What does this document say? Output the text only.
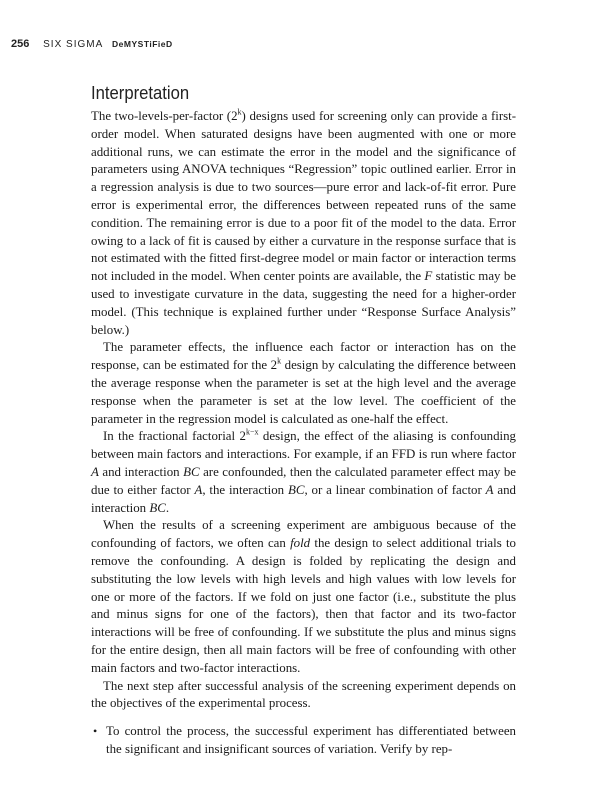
256 SIX SIGMA DeMYSTiFieD
Interpretation

The two-levels-per-factor (2$^k$) designs used for screening only can provide a first-order model. When saturated designs have been augmented with one or more additional runs, we can estimate the error in the model and the significance of parameters using ANOVA techniques “Regression” topic outlined earlier. Error in a regression analysis is due to two sources—pure error and lack-of-fit error. Pure error is experimental error, the differences between repeated runs of the same condition. The remaining error is due to a poor fit of the model to the data. Error owing to a lack of fit is caused by either a curvature in the response surface that is not estimated with the fitted first-degree model or main factor or interaction terms not included in the model. When center points are available, the F statistic may be used to investigate curvature in the data, suggesting the need for a higher-order model. (This technique is explained further under “Response Surface Analysis” below.)

The parameter effects, the influence each factor or interaction has on the response, can be estimated for the 2$^k$ design by calculating the difference between the average response when the parameter is set at the high level and the average response when the parameter is set at the low level. The coefficient of the parameter in the regression model is calculated as one-half the effect.

In the fractional factorial $2^{k-x}$ design, the effect of the aliasing is confounding between main factors and interactions. For example, if an FFD is run where factor A and interaction BC are confounded, then the calculated parameter effect may be due to either factor A, the interaction BC, or a linear combination of factor A and interaction BC.

When the results of a screening experiment are ambiguous because of the confounding of factors, we often can fold the design to select additional trials to remove the confounding. A design is folded by replicating the design and substituting the low levels with high levels and high values with low levels for one or more of the factors. If we fold on just one factor (i.e., substitute the plus and minus signs for one of the factors), then that factor and its two-factor interactions will be free of confounding. If we substitute the plus and minus signs for the entire design, then all main factors will be free of confounding with other main factors and two-factor interactions.

The next step after successful analysis of the screening experiment depends on the objectives of the experimental process.

• To control the process, the successful experiment has differentiated between the significant and insignificant sources of variation. Verify by rep-
